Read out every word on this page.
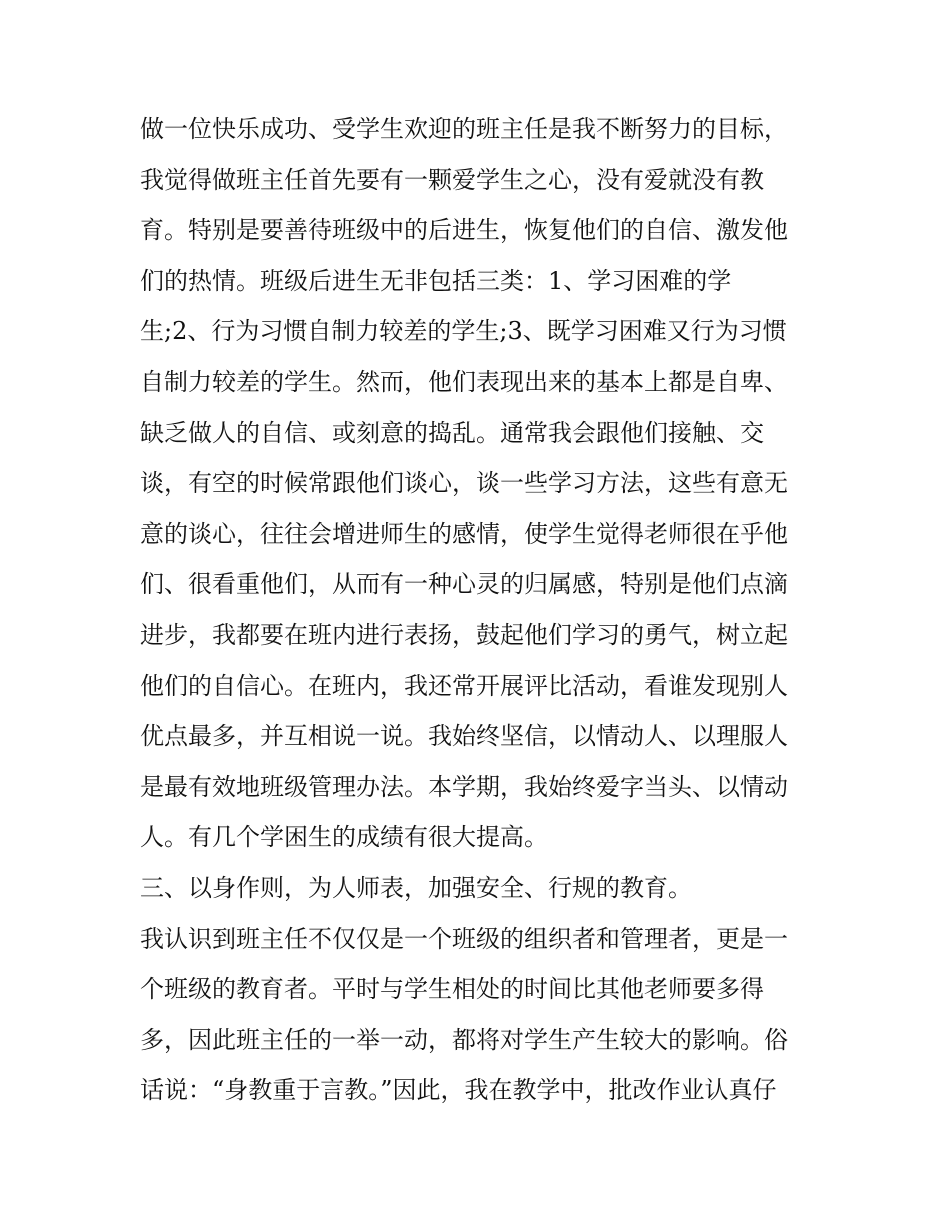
做一位快乐成功、受学生欢迎的班主任是我不断努力的目标，
我觉得做班主任首先要有一颗爱学生之心，没有爱就没有教
育。特别是要善待班级中的后进生，恢复他们的自信、激发他
们的热情。班级后进生无非包括三类：1、学习困难的学
生;2、行为习惯自制力较差的学生;3、既学习困难又行为习惯
自制力较差的学生。然而，他们表现出来的基本上都是自卑、
缺乏做人的自信、或刻意的捣乱。通常我会跟他们接触、交
谈，有空的时候常跟他们谈心，谈一些学习方法，这些有意无
意的谈心，往往会增进师生的感情，使学生觉得老师很在乎他
们、很看重他们，从而有一种心灵的归属感，特别是他们点滴
进步，我都要在班内进行表扬，鼓起他们学习的勇气，树立起
他们的自信心。在班内，我还常开展评比活动，看谁发现别人
优点最多，并互相说一说。我始终坚信，以情动人、以理服人
是最有效地班级管理办法。本学期，我始终爱字当头、以情动
人。有几个学困生的成绩有很大提高。
三、以身作则，为人师表，加强安全、行规的教育。
我认识到班主任不仅仅是一个班级的组织者和管理者，更是一
个班级的教育者。平时与学生相处的时间比其他老师要多得
多，因此班主任的一举一动，都将对学生产生较大的影响。俗
话说：“身教重于言教。”因此，我在教学中，批改作业认真仔
